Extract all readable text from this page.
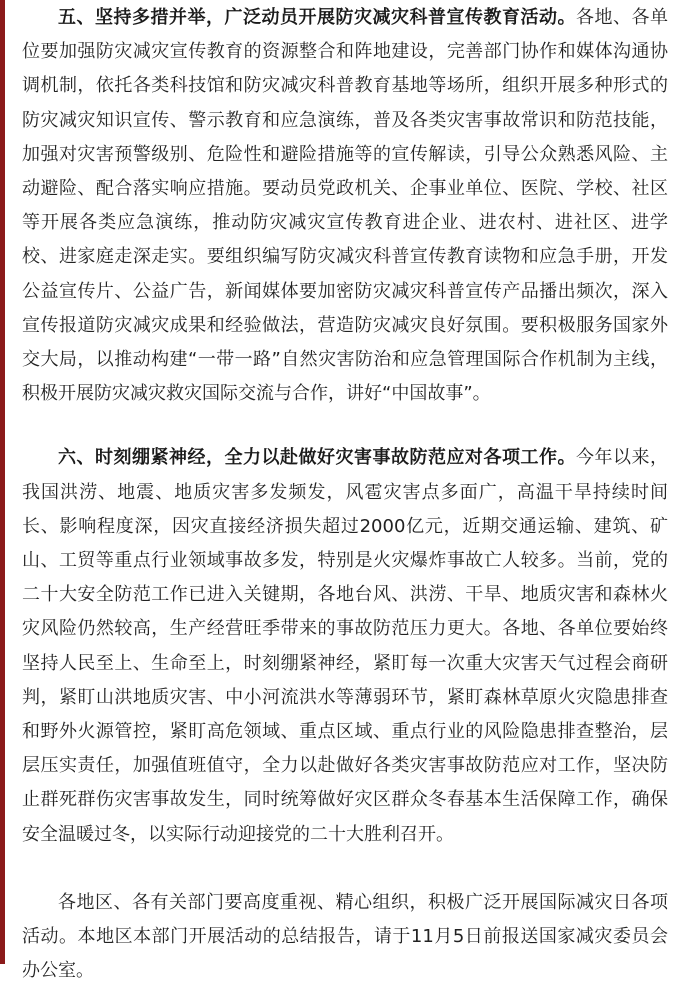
五、坚持多措并举，广泛动员开展防灾减灾科普宣传教育活动。各地、各单位要加强防灾减灾宣传教育的资源整合和阵地建设，完善部门协作和媒体沟通协调机制，依托各类科技馆和防灾减灾科普教育基地等场所，组织开展多种形式的防灾减灾知识宣传、警示教育和应急演练，普及各类灾害事故常识和防范技能，加强对灾害预警级别、危险性和避险措施等的宣传解读，引导公众熟悉风险、主动避险、配合落实响应措施。要动员党政机关、企事业单位、医院、学校、社区等开展各类应急演练，推动防灾减灾宣传教育进企业、进农村、进社区、进学校、进家庭走深走实。要组织编写防灾减灾科普宣传教育读物和应急手册，开发公益宣传片、公益广告，新闻媒体要加密防灾减灾科普宣传产品播出频次，深入宣传报道防灾减灾成果和经验做法，营造防灾减灾良好氛围。要积极服务国家外交大局，以推动构建“一带一路”自然灾害防治和应急管理国际合作机制为主线，积极开展防灾减灾救灾国际交流与合作，讲好“中国故事”。

六、时刻绷紧神经，全力以赴做好灾害事故防范应对各项工作。今年以来，我国洪涝、地震、地质灾害多发频发，风雹灾害点多面广，高温干旱持续时间长、影响程度深，因灾直接经济损失超过2000亿元，近期交通运输、建筑、矿山、工贸等重点行业领域事故多发，特别是火灾爆炸事故亡人较多。当前，党的二十大安全防范工作已进入关键期，各地台风、洪涝、干旱、地质灾害和森林火灾风险仍然较高，生产经营旺季带来的事故防范压力更大。各地、各单位要始终坚持人民至上、生命至上，时刻绷紧神经，紧盯每一次重大灾害天气过程会商研判，紧盯山洪地质灾害、中小河流洪水等薄弱环节，紧盯森林草原火灾隐患排查和野外火源管控，紧盯高危领域、重点区域、重点行业的风险隐患排查整治，层层压实责任，加强值班值守，全力以赴做好各类灾害事故防范应对工作，坚决防止群死群伤灾害事故发生，同时统筹做好灾区群众冬春基本生活保障工作，确保安全温暖过冬，以实际行动迎接党的二十大胜利召开。

各地区、各有关部门要高度重视、精心组织，积极广泛开展国际减灾日各项活动。本地区本部门开展活动的总结报告，请于11月5日前报送国家减灾委员会办公室。
